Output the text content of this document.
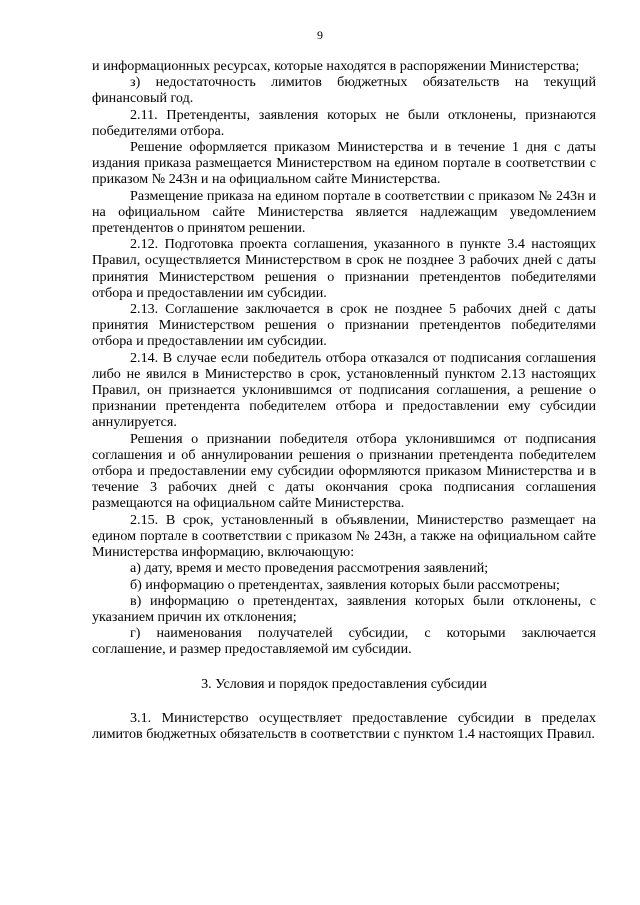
9

и информационных ресурсах, которые находятся в распоряжении Министерства;

з) недостаточность лимитов бюджетных обязательств на текущий финансовый год.

2.11. Претенденты, заявления которых не были отклонены, признаются победителями отбора.

Решение оформляется приказом Министерства и в течение 1 дня с даты издания приказа размещается Министерством на едином портале в соответствии с приказом № 243н и на официальном сайте Министерства.

Размещение приказа на едином портале в соответствии с приказом № 243н и на официальном сайте Министерства является надлежащим уведомлением претендентов о принятом решении.

2.12. Подготовка проекта соглашения, указанного в пункте 3.4 настоящих Правил, осуществляется Министерством в срок не позднее 3 рабочих дней с даты принятия Министерством решения о признании претендентов победителями отбора и предоставлении им субсидии.

2.13. Соглашение заключается в срок не позднее 5 рабочих дней с даты принятия Министерством решения о признании претендентов победителями отбора и предоставлении им субсидии.

2.14. В случае если победитель отбора отказался от подписания соглашения либо не явился в Министерство в срок, установленный пунктом 2.13 настоящих Правил, он признается уклонившимся от подписания соглашения, а решение о признании претендента победителем отбора и предоставлении ему субсидии аннулируется.

Решения о признании победителя отбора уклонившимся от подписания соглашения и об аннулировании решения о признании претендента победителем отбора и предоставлении ему субсидии оформляются приказом Министерства и в течение 3 рабочих дней с даты окончания срока подписания соглашения размещаются на официальном сайте Министерства.

2.15. В срок, установленный в объявлении, Министерство размещает на едином портале в соответствии с приказом № 243н, а также на официальном сайте Министерства информацию, включающую:

а) дату, время и место проведения рассмотрения заявлений;

б) информацию о претендентах, заявления которых были рассмотрены;

в) информацию о претендентах, заявления которых были отклонены, с указанием причин их отклонения;

г) наименования получателей субсидии, с которыми заключается соглашение, и размер предоставляемой им субсидии.

3. Условия и порядок предоставления субсидии

3.1. Министерство осуществляет предоставление субсидии в пределах лимитов бюджетных обязательств в соответствии с пунктом 1.4 настоящих Правил.
